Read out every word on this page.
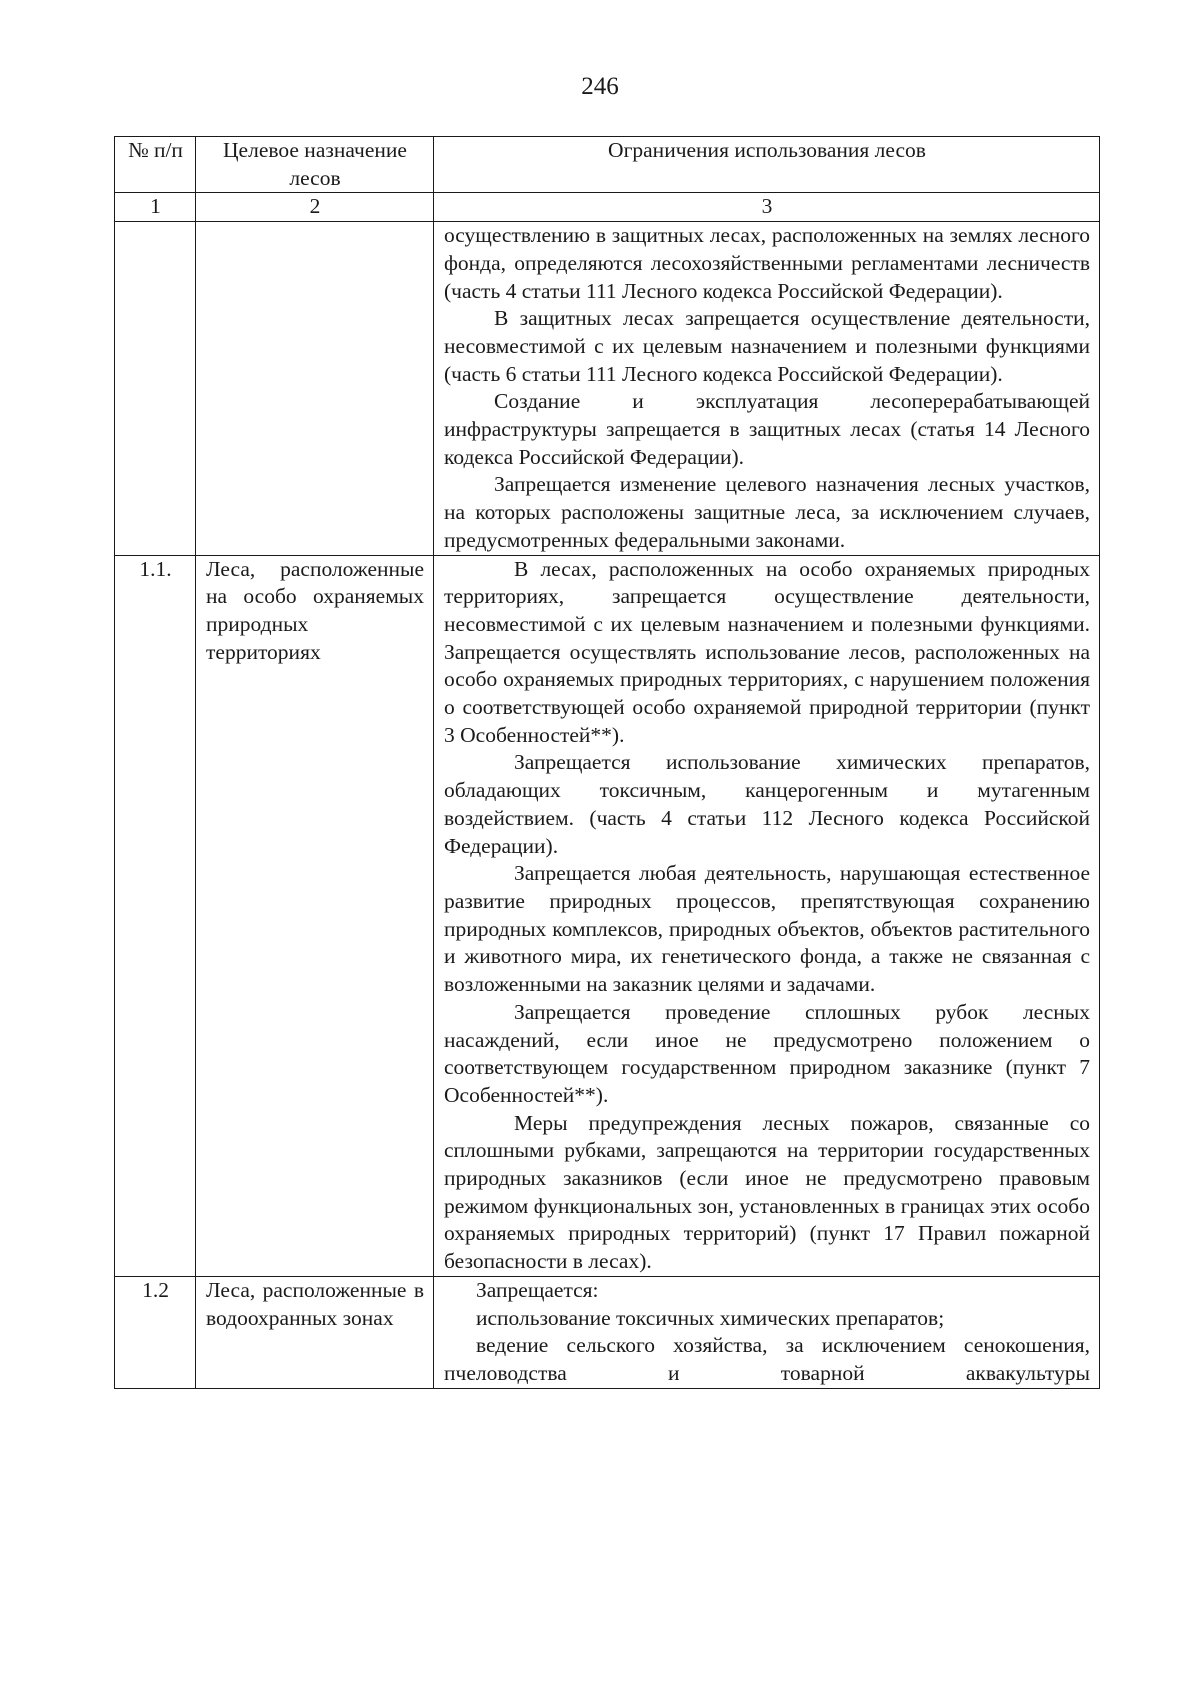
246
№ п/п	Целевое назначение лесов	Ограничения использования лесов
1	2	3

		осуществлению в защитных лесах, расположенных на землях лесного фонда, определяются лесохозяйственными регламентами лесничеств (часть 4 статьи 111 Лесного кодекса Российской Федерации).
В защитных лесах запрещается осуществление деятельности, несовместимой с их целевым назначением и полезными функциями (часть 6 статьи 111 Лесного кодекса Российской Федерации).
Создание и эксплуатация лесоперерабатывающей инфраструктуры запрещается в защитных лесах (статья 14 Лесного кодекса Российской Федерации).
Запрещается изменение целевого назначения лесных участков, на которых расположены защитные леса, за исключением случаев, предусмотренных федеральными законами.

1.1.	Леса, расположенные на особо охраняемых природных территориях	В лесах, расположенных на особо охраняемых природных территориях, запрещается осуществление деятельности, несовместимой с их целевым назначением и полезными функциями. Запрещается осуществлять использование лесов, расположенных на особо охраняемых природных территориях, с нарушением положения о соответствующей особо охраняемой природной территории (пункт 3 Особенностей**).
Запрещается использование химических препаратов, обладающих токсичным, канцерогенным и мутагенным воздействием. (часть 4 статьи 112 Лесного кодекса Российской Федерации).
Запрещается любая деятельность, нарушающая естественное развитие природных процессов, препятствующая сохранению природных комплексов, природных объектов, объектов растительного и животного мира, их генетического фонда, а также не связанная с возложенными на заказник целями и задачами.
Запрещается проведение сплошных рубок лесных насаждений, если иное не предусмотрено положением о соответствующем государственном природном заказнике (пункт 7 Особенностей**).
Меры предупреждения лесных пожаров, связанные со сплошными рубками, запрещаются на территории государственных природных заказников (если иное не предусмотрено правовым режимом функциональных зон, установленных в границах этих особо охраняемых природных территорий) (пункт 17 Правил пожарной безопасности в лесах).

1.2	Леса, расположенные в водоохранных зонах	Запрещается:
использование токсичных химических препаратов;
ведение сельского хозяйства, за исключением сенокошения, пчеловодства и товарной аквакультуры
